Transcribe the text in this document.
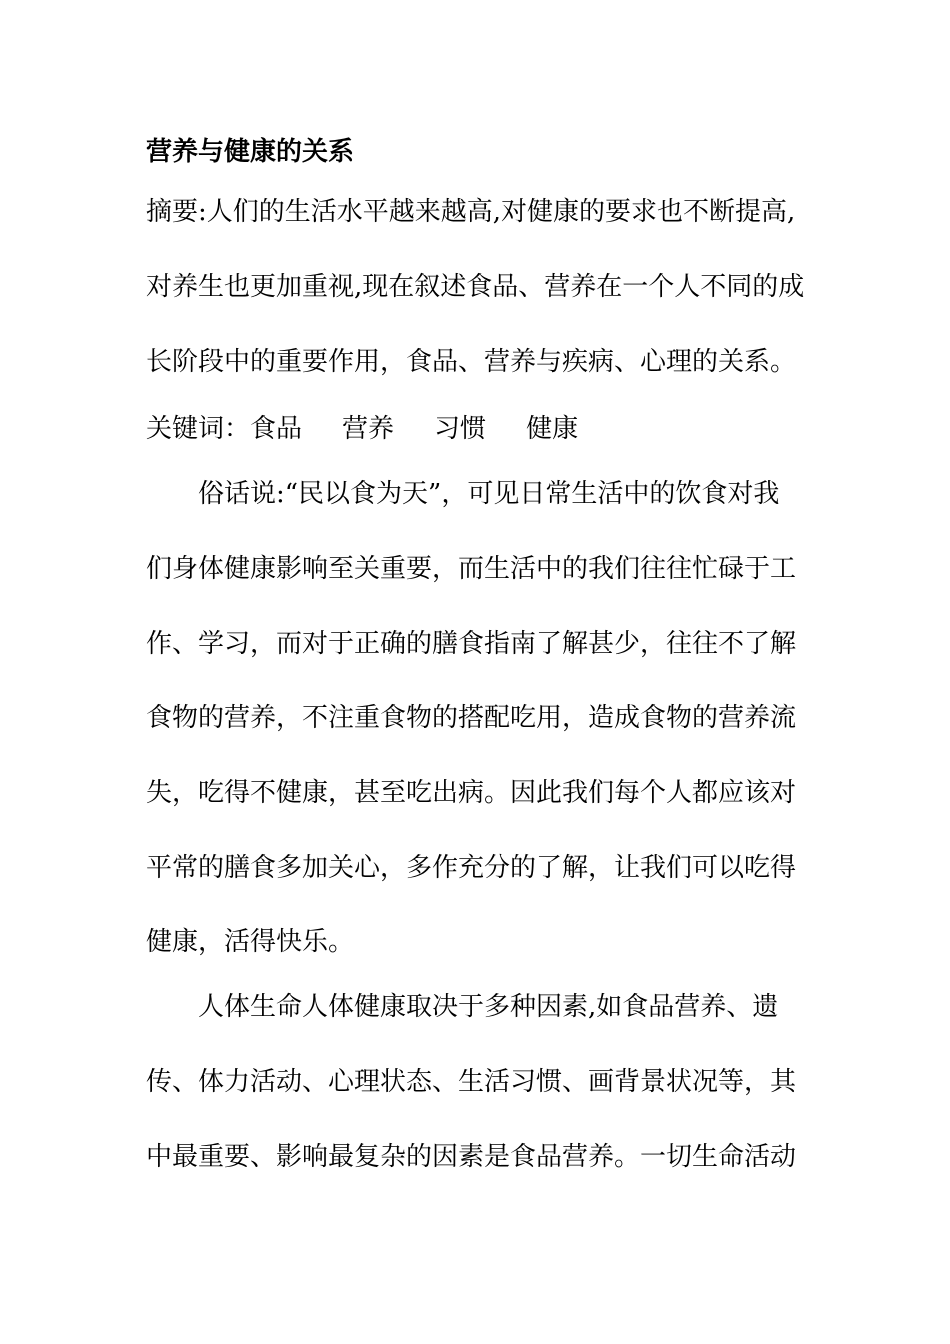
营养与健康的关系
摘要:人们的生活水平越来越高,对健康的要求也不断提高,
对养生也更加重视,现在叙述食品、营养在一个人不同的成
长阶段中的重要作用，食品、营养与疾病、心理的关系。
关键词：食品 营养 习惯 健康
　　俗话说:“民以食为天”，可见日常生活中的饮食对我
们身体健康影响至关重要，而生活中的我们往往忙碌于工
作、学习，而对于正确的膳食指南了解甚少，往往不了解
食物的营养，不注重食物的搭配吃用，造成食物的营养流
失，吃得不健康，甚至吃出病。因此我们每个人都应该对
平常的膳食多加关心，多作充分的了解，让我们可以吃得
健康，活得快乐。
　　人体生命人体健康取决于多种因素,如食品营养、遗
传、体力活动、心理状态、生活习惯、画背景状况等，其
中最重要、影响最复杂的因素是食品营养。一切生命活动
